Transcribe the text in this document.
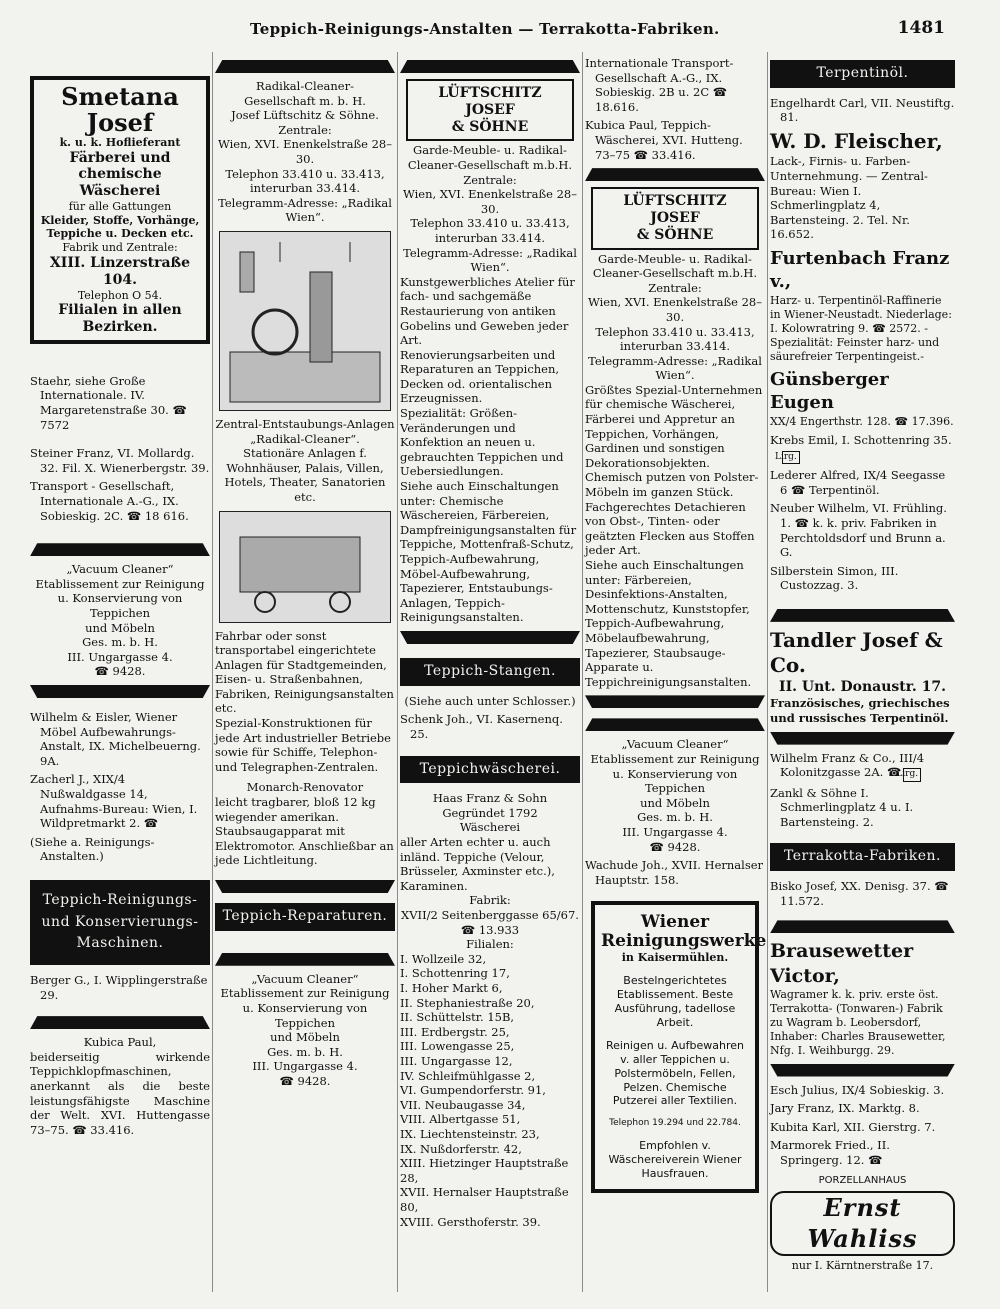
Teppich-Reinigungs-Anstalten — Terrakotta-Fabriken.	1481
Smetana Josef
k. u. k. Hoflieferant
Färberei und
chemische Wäscherei
für alle Gattungen
Kleider, Stoffe, Vorhänge,
Teppiche u. Decken etc.
Fabrik und Zentrale:
XIII. Linzerstraße 104.
Telephon O 54.
Filialen in allen Bezirken.
Staehr, siehe Große Internationale. IV. Margaretenstraße 30. ☎ 7572
Steiner Franz, VI. Mollardg. 32. Fil. X. Wienerbergstr. 39.
Transport - Gesellschaft, Internationale A.-G., IX. Sobieskig. 2C. ☎ 18 616.
„Vacuum Cleaner“
Etablissement zur Reinigung
u. Konservierung von Teppichen
und Möbeln
Ges. m. b. H.
III. Ungargasse 4.
☎ 9428.
Wilhelm & Eisler, Wiener Möbel Aufbewahrungs-Anstalt, IX. Michelbeuerng. 9A.
Zacherl J., XIX/4 Nußwaldgasse 14, Aufnahms-Bureau: Wien, I. Wildpretmarkt 2. ☎
(Siehe a. Reinigungs-Anstalten.)
Teppich-Reinigungs- und Konservierungs-Maschinen.
Berger G., I. Wipplingerstraße 29.
Kubica Paul,
beiderseitig wirkende Teppichklopfmaschinen, anerkannt als die beste leistungsfähigste Maschine der Welt. XVI. Huttengasse 73–75. ☎ 33.416.
Radikal-Cleaner-
Gesellschaft m. b. H.
Josef Lüftschitz & Söhne.
Zentrale:
Wien, XVI. Enenkelstraße 28–30.
Telephon 33.410 u. 33.413, interurban 33.414.
Telegramm-Adresse: „Radikal Wien“.
Zentral-Entstaubungs-Anlagen
„Radikal-Cleaner“.
Stationäre Anlagen f. Wohnhäuser, Palais, Villen, Hotels, Theater, Sanatorien etc.
Fahrbar oder sonst transportabel eingerichtete Anlagen für Stadtgemeinden, Eisen- u. Straßenbahnen, Fabriken, Reinigungsanstalten etc.
Spezial-Konstruktionen für jede Art industrieller Betriebe sowie für Schiffe, Telephon- und Telegraphen-Zentralen.
Monarch-Renovator
leicht tragbarer, bloß 12 kg wiegender amerikan. Staubsaugapparat mit Elektromotor. Anschließbar an jede Lichtleitung.
Teppich-Reparaturen.
„Vacuum Cleaner“
Etablissement zur Reinigung
u. Konservierung von Teppichen
und Möbeln
Ges. m. b. H.
III. Ungargasse 4.
☎ 9428.
LÜFTSCHITZ JOSEF
& SÖHNE
Garde-Meuble- u. Radikal-Cleaner-Gesellschaft m.b.H.
Zentrale:
Wien, XVI. Enenkelstraße 28–30.
Telephon 33.410 u. 33.413, interurban 33.414.
Telegramm-Adresse: „Radikal Wien“.
Kunstgewerbliches Atelier für fach- und sachgemäße Restaurierung von antiken Gobelins und Geweben jeder Art.
Renovierungsarbeiten und Reparaturen an Teppichen, Decken od. orientalischen Erzeugnissen.
Spezialität: Größen-Veränderungen und Konfektion an neuen u. gebrauchten Teppichen und Uebersiedlungen.
Siehe auch Einschaltungen unter: Chemische Wäschereien, Färbereien, Dampfreinigungsanstalten für Teppiche, Mottenfraß-Schutz, Teppich-Aufbewahrung, Möbel-Aufbewahrung, Tapezierer, Entstaubungs-Anlagen, Teppich-Reinigungsanstalten.
Teppich-Stangen.
(Siehe auch unter Schlosser.)
Schenk Joh., VI. Kasernenq. 25.
Teppichwäscherei.
Haas Franz & Sohn
Gegründet 1792
Wäscherei
aller Arten echter u. auch inländ. Teppiche (Velour, Brüsseler, Axminster etc.), Karaminen.
Fabrik:
XVII/2 Seitenberggasse 65/67.
☎ 13.933
Filialen:
I. Wollzeile 32,
I. Schottenring 17,
I. Hoher Markt 6,
II. Stephaniestraße 20,
II. Schüttelstr. 15B,
III. Erdbergstr. 25,
III. Lowengasse 25,
III. Ungargasse 12,
IV. Schleifmühlgasse 2,
VI. Gumpendorferstr. 91,
VII. Neubaugasse 34,
VIII. Albertgasse 51,
IX. Liechtensteinstr. 23,
IX. Nußdorferstr. 42,
XIII. Hietzinger Hauptstraße 28,
XVII. Hernalser Hauptstraße 80,
XVIII. Gersthoferstr. 39.
Internationale Transport-Gesellschaft A.-G., IX. Sobieskig. 2B u. 2C ☎ 18.616.
Kubica Paul, Teppich-Wäscherei, XVI. Hutteng. 73–75 ☎ 33.416.
LÜFTSCHITZ JOSEF
& SÖHNE
Garde-Meuble- u. Radikal-Cleaner-Gesellschaft m.b.H.
Zentrale:
Wien, XVI. Enenkelstraße 28–30.
Telephon 33.410 u. 33.413, interurban 33.414.
Telegramm-Adresse: „Radikal Wien“.
Größtes Spezial-Unternehmen für chemische Wäscherei, Färberei und Appretur an Teppichen, Vorhängen, Gardinen und sonstigen Dekorationsobjekten.
Chemisch putzen von Polster-Möbeln im ganzen Stück.
Fachgerechtes Detachieren von Obst-, Tinten- oder geätzten Flecken aus Stoffen jeder Art.
Siehe auch Einschaltungen unter: Färbereien, Desinfektions-Anstalten, Mottenschutz, Kunststopfer, Teppich-Aufbewahrung, Möbelaufbewahrung, Tapezierer, Staubsauge-Apparate u. Teppichreinigungsanstalten.
„Vacuum Cleaner“
Etablissement zur Reinigung
u. Konservierung von Teppichen
und Möbeln
Ges. m. b. H.
III. Ungargasse 4.
☎ 9428.
Wachude Joh., XVII. Hernalser Hauptstr. 158.
Wiener Reinigungswerke
in Kaisermühlen.
Bestelngerichtetes Etablissement. Beste Ausführung, tadellose Arbeit.
Reinigen u. Aufbewahren v. aller Teppichen u. Polstermöbeln, Fellen, Pelzen. Chemische Putzerei aller Textilien.
Telephon 19.294 und 22.784.
Empfohlen v. Wäschereiverein Wiener Hausfrauen.
Terpentinöl.
Engelhardt Carl, VII. Neustiftg. 81.
W. D. Fleischer,
Lack-, Firnis- u. Farben-Unternehmung. — Zentral-Bureau: Wien I. Schmerlingplatz 4, Bartensteing. 2. Tel. Nr. 16.652.
Furtenbach Franz v.,
Harz- u. Terpentinöl-Raffinerie in Wiener-Neustadt. Niederlage: I. Kolowratring 9. ☎ 2572. -Spezialität: Feinster harz- und säurefreier Terpentingeist.-
Günsberger Eugen
XX/4 Engerthstr. 128. ☎ 17.396.
Krebs Emil, I. Schottenring 35.Lirg.
Lederer Alfred, IX/4 Seegasse 6 ☎ Terpentinöl.
Neuber Wilhelm, VI. Frühling. 1. ☎ k. k. priv. Fabriken in Perchtoldsdorf und Brunn a. G.
Silberstein Simon, III. Custozzag. 3.
Tandler Josef & Co.
II. Unt. Donaustr. 17.
Französisches, griechisches und russisches Terpentinöl.
Wilhelm Franz & Co., III/4 Kolonitzgasse 2A. ☎Lirg.
Zankl & Söhne I. Schmerlingplatz 4 u. I. Bartensteing. 2.
Terrakotta-Fabriken.
Bisko Josef, XX. Denisg. 37. ☎ 11.572.
Brausewetter Victor,
Wagramer k. k. priv. erste öst. Terrakotta- (Tonwaren-) Fabrik zu Wagram b. Leobersdorf, Inhaber: Charles Brausewetter, Nfg. I. Weihburgg. 29.
Esch Julius, IX/4 Sobieskig. 3.
Jary Franz, IX. Marktg. 8.
Kubita Karl, XII. Gierstrg. 7.
Marmorek Fried., II. Springerg. 12. ☎
PORZELLANHAUS
Ernst Wahliss
nur I. Kärntnerstraße 17.
